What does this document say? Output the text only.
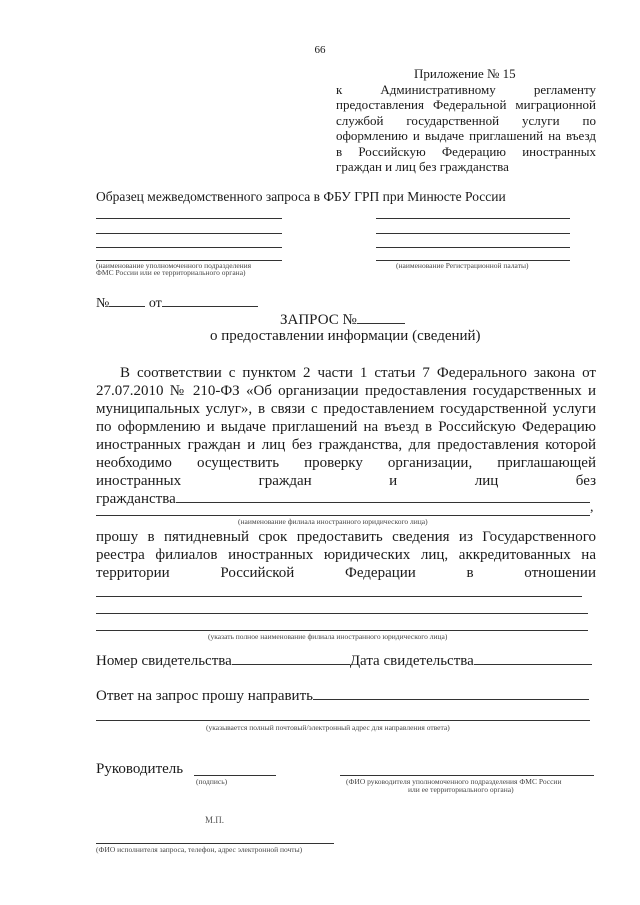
66
Приложение № 15
к Административному регламенту
предоставления Федеральной миграционной
службой государственной услуги по
оформлению и выдаче приглашений на въезд
в Российскую Федерацию иностранных
граждан и лиц без гражданства
Образец межведомственного запроса в ФБУ ГРП при Минюсте России
(наименование уполномоченного подразделения
ФМС России или ее территориального органа)
(наименование Регистрационной палаты)
№	от
ЗАПРОС №
о предоставлении информации (сведений)
В соответствии с пунктом 2 части 1 статьи 7 Федерального закона от
27.07.2010 № 210-ФЗ «Об организации предоставления государственных и
муниципальных услуг», в связи с предоставлением государственной услуги
по оформлению и выдаче приглашений на въезд в Российскую Федерацию
иностранных граждан и лиц без гражданства, для предоставления которой
необходимо осуществить проверку организации, приглашающей
иностранных граждан и лиц без
гражданства
,
(наименование филиала иностранного юридического лица)
прошу в пятидневный срок предоставить сведения из Государственного
реестра филиалов иностранных юридических лиц, аккредитованных на
территории Российской Федерации в отношении
(указать полное наименование филиала иностранного юридического лица)
Номер свидетельства	Дата свидетельства
Ответ на запрос прошу направить
(указывается полный почтовый/электронный адрес для направления ответа)
Руководитель
(подпись)	(ФИО руководителя уполномоченного подразделения ФМС России
или ее территориального органа)
М.П.
(ФИО исполнителя запроса, телефон, адрес электронной почты)
